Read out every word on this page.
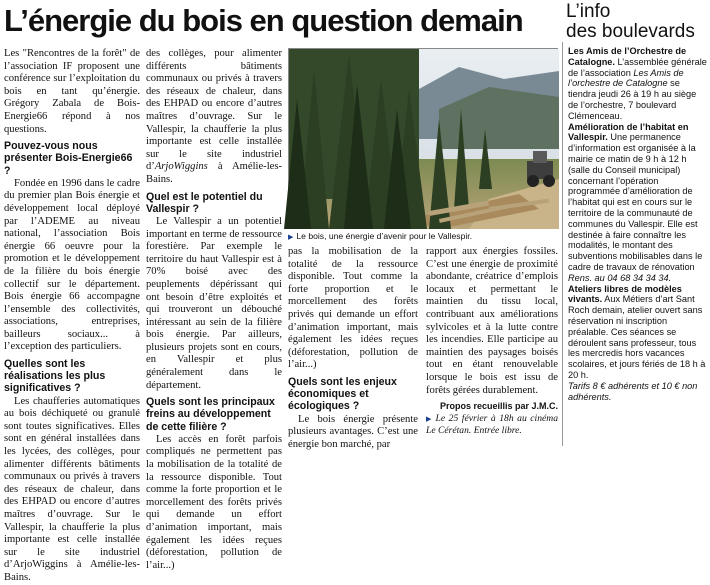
L’énergie du bois en question demain	L’info
des boulevards

Les "Rencontres de la forêt" de l’association IF proposent une conférence sur l’exploitation du bois en tant qu’énergie. Grégory Zabala de Bois-Energie66 répond à nos questions.

Pouvez-vous nous présenter Bois-Energie66 ?

Fondée en 1996 dans le cadre du premier plan Bois énergie et développement local déployé par l’ADEME au niveau national, l’association Bois énergie 66 oeuvre pour la promotion et le développement de la filière du bois énergie collectif sur le département. Bois énergie 66 accompagne l’ensemble des collectivités, associations, entreprises, bailleurs sociaux... à l’exception des particuliers.

Quelles sont les réalisations les plus significatives ?

Les chaufferies automatiques au bois déchiqueté ou granulé sont toutes significatives. Elles sont en général installées dans les lycées, des collèges, pour alimenter différents bâtiments communaux ou privés à travers des réseaux de chaleur, dans des EHPAD ou encore d’autres maîtres d’ouvrage. Sur le Vallespir, la chaufferie la plus importante est celle installée sur le site industriel d’ArjoWiggins à Amélie-les-Bains.

des collèges, pour alimenter différents bâtiments communaux ou privés à travers des réseaux de chaleur, dans des EHPAD ou encore d’autres maîtres d’ouvrage. Sur le Vallespir, la chaufferie la plus importante est celle installée sur le site industriel d’ArjoWiggins à Amélie-les-Bains.

Quel est le potentiel du Vallespir ?

Le Vallespir a un potentiel important en terme de ressource forestière. Par exemple le territoire du haut Vallespir est à 70% boisé avec des peuplements dépérissant qui ont besoin d’être exploités et qui trouveront un débouché intéressant au sein de la filière bois énergie. Par ailleurs, plusieurs projets sont en cours, en Vallespir et plus généralement dans le département.

Quels sont les principaux freins au développement de cette filière ?

Les accès en forêt parfois compliqués ne permettent pas la mobilisation de la totalité de la ressource disponible. Tout comme la forte proportion et le morcellement des forêts privés qui demande un effort d’animation important, mais également les idées reçues (déforestation, pollution de l’air...)

▶ Le bois, une énergie d’avenir pour le Vallespir.

pas la mobilisation de la totalité de la ressource disponible. Tout comme la forte proportion et le morcellement des forêts privés qui demande un effort d’animation important, mais également les idées reçues (déforestation, pollution de l’air...)

Quels sont les enjeux économiques et écologiques ?

Le bois énergie présente plusieurs avantages. C’est une énergie bon marché, par

rapport aux énergies fossiles. C’est une énergie de proximité abondante, créatrice d’emplois locaux et permettant le maintien du tissu local, contribuant aux améliorations sylvicoles et à la lutte contre les incendies. Elle participe au maintien des paysages boisés tout en étant renouvelable lorsque le bois est issu de forêts gérées durablement.

Propos recueillis par J.M.C.

▶ Le 25 février à 18h au cinéma Le Cérétan. Entrée libre.

Les Amis de l’Orchestre de Catalogne. L’assemblée générale de l’association Les Amis de l’orchestre de Catalogne se tiendra jeudi 26 à 19 h au siège de l’orchestre, 7 boulevard Clémenceau.

Amélioration de l’habitat en Vallespir. Une permanence d’information est organisée à la mairie ce matin de 9 h à 12 h (salle du Conseil municipal) concernant l’opération programmée d’amélioration de l’habitat qui est en cours sur le territoire de la communauté de communes du Vallespir. Elle est destinée à faire connaître les modalités, le montant des subventions mobilisables dans le cadre de travaux de rénovation

Rens. au 04 68 34 34 34.

Ateliers libres de modèles vivants. Aux Métiers d’art Sant Roch demain, atelier ouvert sans réservation ni inscription préalable. Ces séances se déroulent sans professeur, tous les mercredis hors vacances scolaires, et jours fériés de 18 h à 20 h.

Tarifs 8 € adhérents et 10 € non adhérents.
